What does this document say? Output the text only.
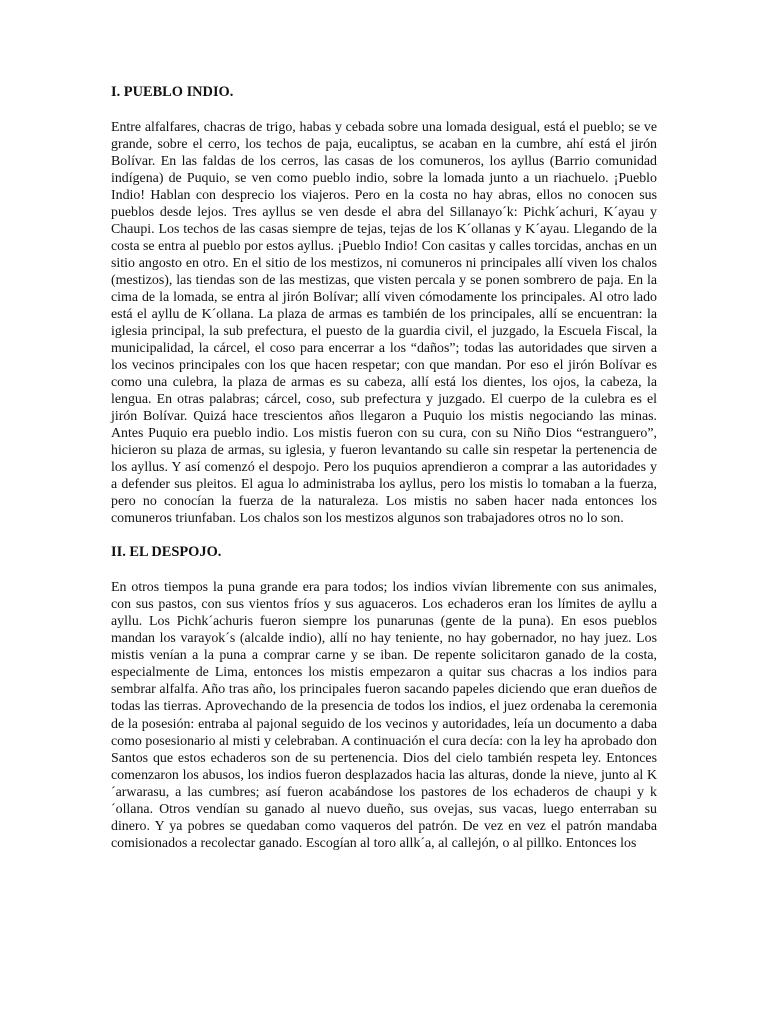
I. PUEBLO INDIO.

Entre alfalfares, chacras de trigo, habas y cebada sobre una lomada desigual, está el pueblo; se ve grande, sobre el cerro, los techos de paja, eucaliptus, se acaban en la cumbre, ahí está el jirón Bolívar. En las faldas de los cerros, las casas de los comuneros, los ayllus (Barrio comunidad indígena) de Puquio, se ven como pueblo indio, sobre la lomada junto a un riachuelo. ¡Pueblo Indio! Hablan con desprecio los viajeros. Pero en la costa no hay abras, ellos no conocen sus pueblos desde lejos. Tres ayllus se ven desde el abra del Sillanayo´k: Pichk´achuri, K´ayau y Chaupi. Los techos de las casas siempre de tejas, tejas de los K´ollanas y K´ayau. Llegando de la costa se entra al pueblo por estos ayllus. ¡Pueblo Indio! Con casitas y calles torcidas, anchas en un sitio angosto en otro. En el sitio de los mestizos, ni comuneros ni principales allí viven los chalos (mestizos), las tiendas son de las mestizas, que visten percala y se ponen sombrero de paja. En la cima de la lomada, se entra al jirón Bolívar; allí viven cómodamente los principales. Al otro lado está el ayllu de K´ollana. La plaza de armas es también de los principales, allí se encuentran: la iglesia principal, la sub prefectura, el puesto de la guardia civil, el juzgado, la Escuela Fiscal, la municipalidad, la cárcel, el coso para encerrar a los “daños”; todas las autoridades que sirven a los vecinos principales con los que hacen respetar; con que mandan. Por eso el jirón Bolívar es como una culebra, la plaza de armas es su cabeza, allí está los dientes, los ojos, la cabeza, la lengua. En otras palabras; cárcel, coso, sub prefectura y juzgado. El cuerpo de la culebra es el jirón Bolívar. Quizá hace trescientos años llegaron a Puquio los mistis negociando las minas. Antes Puquio era pueblo indio. Los mistis fueron con su cura, con su Niño Dios “estranguero”, hicieron su plaza de armas, su iglesia, y fueron levantando su calle sin respetar la pertenencia de los ayllus. Y así comenzó el despojo. Pero los puquios aprendieron a comprar a las autoridades y a defender sus pleitos. El agua lo administraba los ayllus, pero los mistis lo tomaban a la fuerza, pero no conocían la fuerza de la naturaleza. Los mistis no saben hacer nada entonces los comuneros triunfaban. Los chalos son los mestizos algunos son trabajadores otros no lo son.

II. EL DESPOJO.

En otros tiempos la puna grande era para todos; los indios vivían libremente con sus animales, con sus pastos, con sus vientos fríos y sus aguaceros. Los echaderos eran los límites de ayllu a ayllu. Los Pichk´achuris fueron siempre los punarunas (gente de la puna). En esos pueblos mandan los varayok´s (alcalde indio), allí no hay teniente, no hay gobernador, no hay juez. Los mistis venían a la puna a comprar carne y se iban. De repente solicitaron ganado de la costa, especialmente de Lima, entonces los mistis empezaron a quitar sus chacras a los indios para sembrar alfalfa. Año tras año, los principales fueron sacando papeles diciendo que eran dueños de todas las tierras. Aprovechando de la presencia de todos los indios, el juez ordenaba la ceremonia de la posesión: entraba al pajonal seguido de los vecinos y autoridades, leía un documento a daba como posesionario al misti y celebraban. A continuación el cura decía: con la ley ha aprobado don Santos que estos echaderos son de su pertenencia. Dios del cielo también respeta ley. Entonces comenzaron los abusos, los indios fueron desplazados hacia las alturas, donde la nieve, junto al K´arwarasu, a las cumbres; así fueron acabándose los pastores de los echaderos de chaupi y k´ollana. Otros vendían su ganado al nuevo dueño, sus ovejas, sus vacas, luego enterraban su dinero. Y ya pobres se quedaban como vaqueros del patrón. De vez en vez el patrón mandaba comisionados a recolectar ganado. Escogían al toro allk´a, al callejón, o al pillko. Entonces los
